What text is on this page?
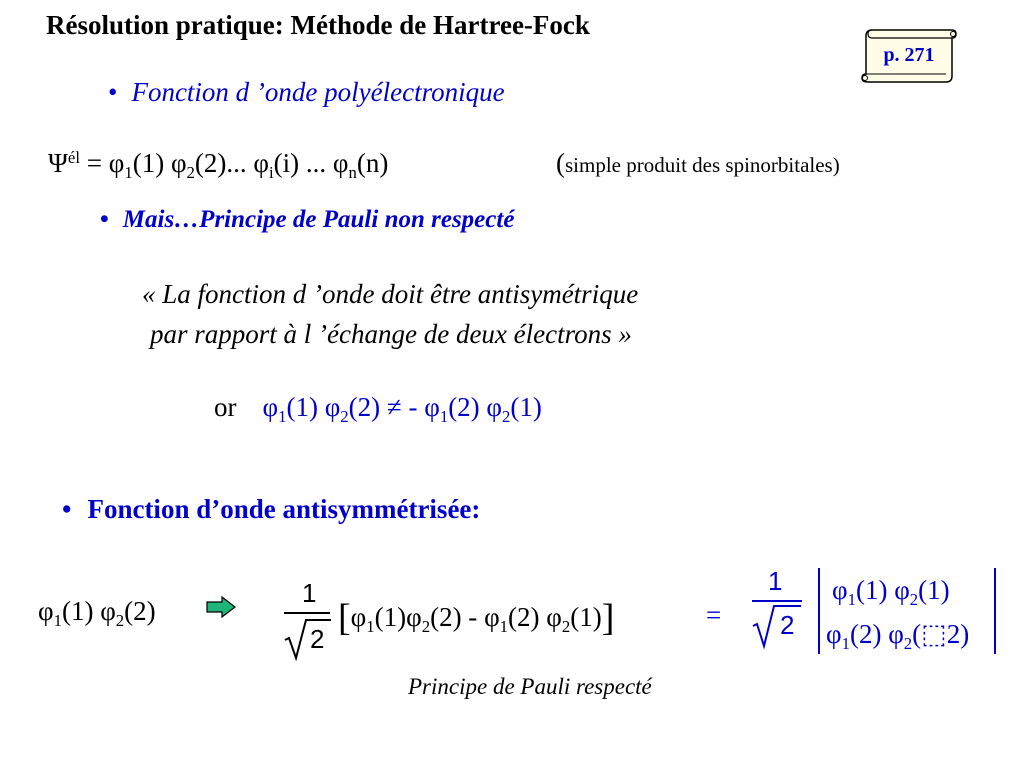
Résolution pratique: Méthode de Hartree-Fock
p. 271
• Fonction d ’onde polyélectronique
$\Psi^{él} = \varphi_1(1)$ $\varphi_2(2)$... $\varphi_i(i)$ ... $\varphi_n(n)$	(simple produit des spinorbitales)
• Mais…Principe de Pauli non respecté
« La fonction d ’onde doit être antisymétrique
par rapport à l ’échange de deux électrons »
or $\varphi_1(1) \varphi_2(2)$ ≠ - $\varphi_1(2)$ $\varphi_2(1)$
• Fonction d’onde antisymmétrisée:
$\varphi_1(1)$ $\varphi_2(2)$
1
2 [$\varphi_1(1)\varphi_2(2) - \varphi_1(2)$ $\varphi_2(1)$]	=
1
2
$\varphi_1(1)$ $\varphi_2(1)$
$\varphi_1(2)$ $\varphi_2(⬚2)$
Principe de Pauli respecté
